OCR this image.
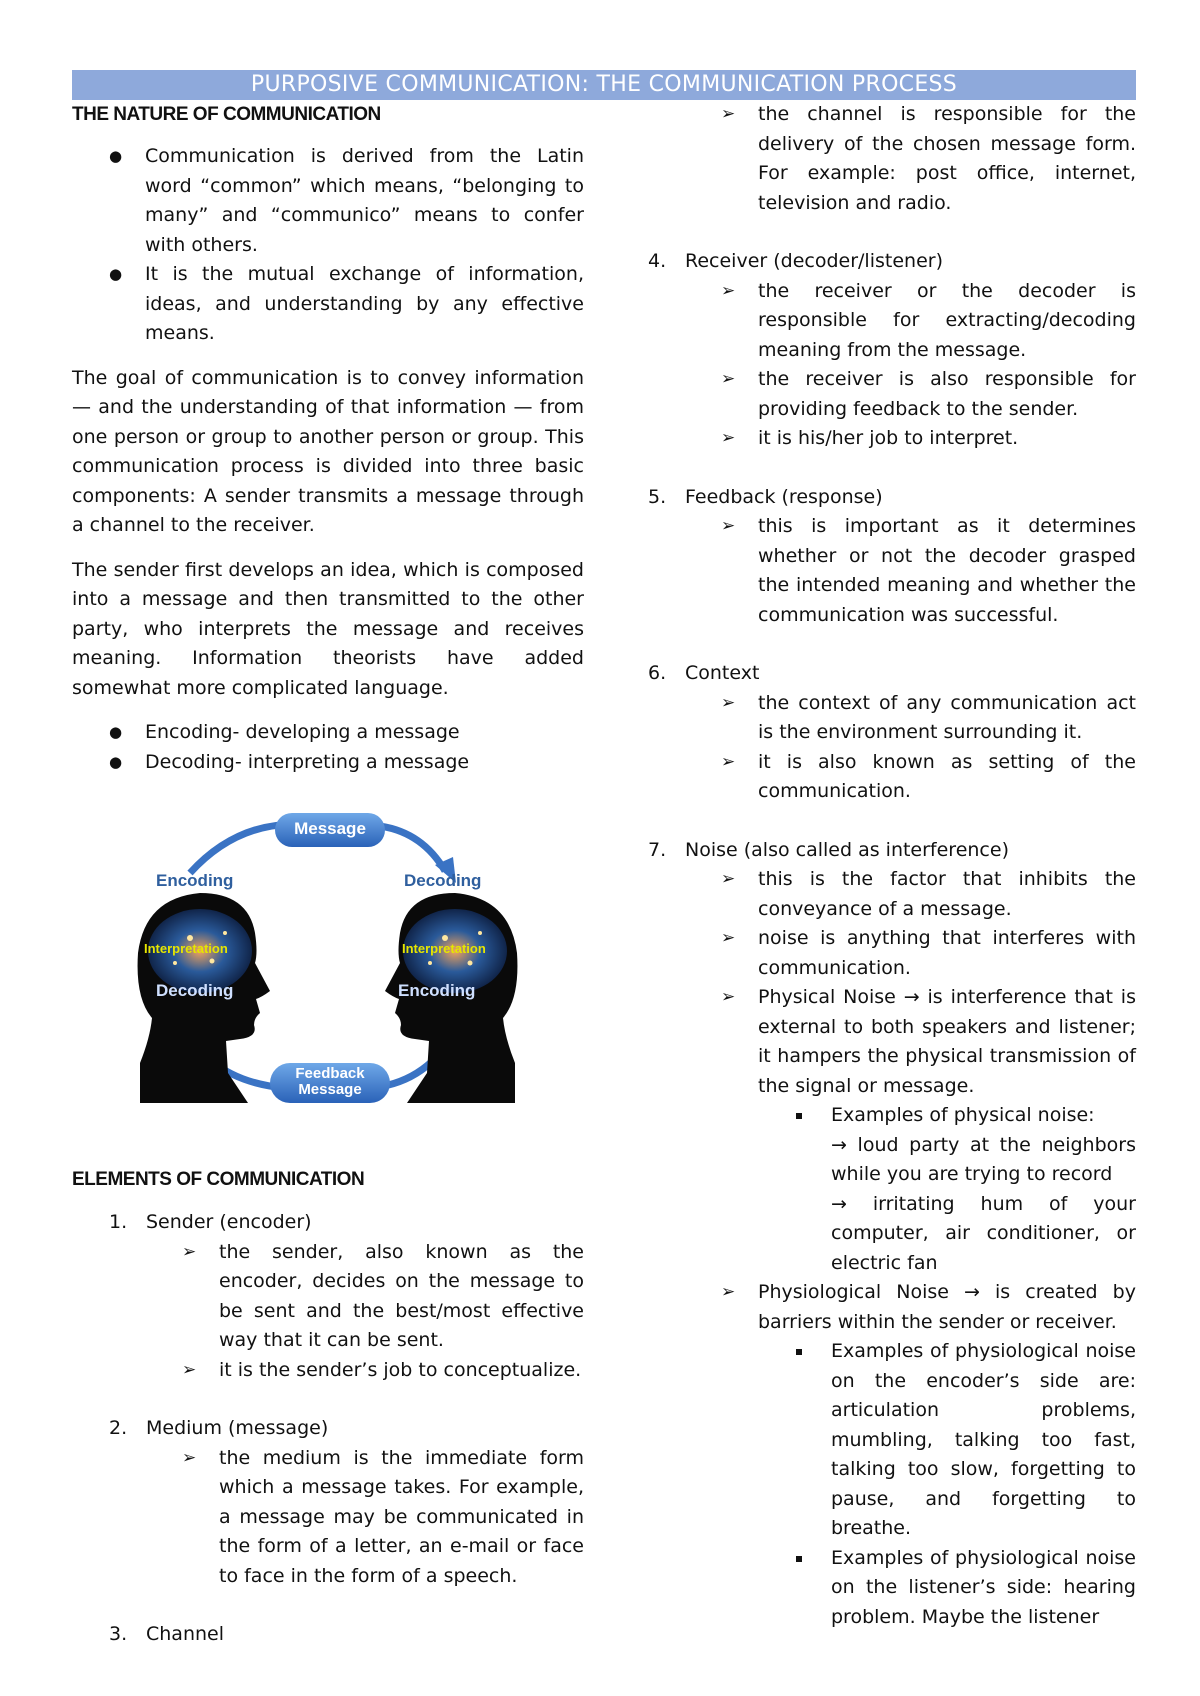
PURPOSIVE COMMUNICATION: THE COMMUNICATION PROCESS
THE NATURE OF COMMUNICATION
● Communication is derived from the Latin word “common” which means, “belonging to many” and “communico” means to confer with others.
● It is the mutual exchange of information, ideas, and understanding by any effective means.

The goal of communication is to convey information — and the understanding of that information — from one person or group to another person or group. This communication process is divided into three basic components: A sender transmits a message through a channel to the receiver.

The sender first develops an idea, which is composed into a message and then transmitted to the other party, who interprets the message and receives meaning. Information theorists have added somewhat more complicated language.

● Encoding- developing a message
● Decoding- interpreting a message
Message
Encoding	Decoding
Interpretation	Interpretation
Decoding	Encoding
Feedback
Message
ELEMENTS OF COMMUNICATION
1. Sender (encoder)
➢ the sender, also known as the encoder, decides on the message to be sent and the best/most effective way that it can be sent.
➢ it is the sender’s job to conceptualize.
2. Medium (message)
➢ the medium is the immediate form which a message takes. For example, a message may be communicated in the form of a letter, an e-mail or face to face in the form of a speech.
3. Channel
➢ the channel is responsible for the delivery of the chosen message form. For example: post office, internet, television and radio.
4. Receiver (decoder/listener)
➢ the receiver or the decoder is responsible for extracting/decoding meaning from the message.
➢ the receiver is also responsible for providing feedback to the sender.
➢ it is his/her job to interpret.
5. Feedback (response)
➢ this is important as it determines whether or not the decoder grasped the intended meaning and whether the communication was successful.
6. Context
➢ the context of any communication act is the environment surrounding it.
➢ it is also known as setting of the communication.
7. Noise (also called as interference)
➢ this is the factor that inhibits the conveyance of a message.
➢ noise is anything that interferes with communication.
➢ Physical Noise → is interference that is external to both speakers and listener; it hampers the physical transmission of the signal or message.
Examples of physical noise:
→ loud party at the neighbors while you are trying to record
→ irritating hum of your computer, air conditioner, or electric fan
➢ Physiological Noise → is created by barriers within the sender or receiver.
Examples of physiological noise on the encoder’s side are: articulation problems, mumbling, talking too fast, talking too slow, forgetting to pause, and forgetting to breathe.
Examples of physiological noise on the listener’s side: hearing problem. Maybe the listener
